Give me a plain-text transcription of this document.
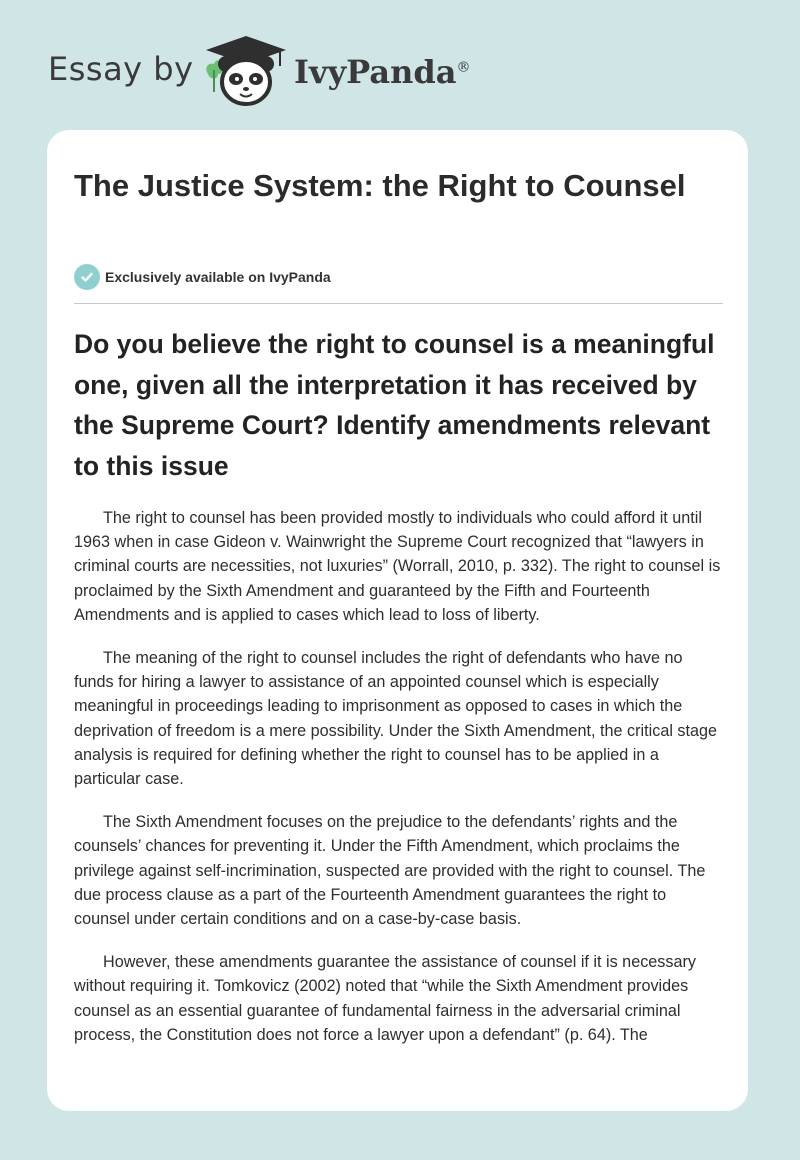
Essay by	IvyPanda®
The Justice System: the Right to Counsel
Exclusively available on IvyPanda
Do you believe the right to counsel is a meaningful one, given all the interpretation it has received by the Supreme Court? Identify amendments relevant to this issue

The right to counsel has been provided mostly to individuals who could afford it until 1963 when in case Gideon v. Wainwright the Supreme Court recognized that “lawyers in criminal courts are necessities, not luxuries” (Worrall, 2010, p. 332). The right to counsel is proclaimed by the Sixth Amendment and guaranteed by the Fifth and Fourteenth Amendments and is applied to cases which lead to loss of liberty.

The meaning of the right to counsel includes the right of defendants who have no funds for hiring a lawyer to assistance of an appointed counsel which is especially meaningful in proceedings leading to imprisonment as opposed to cases in which the deprivation of freedom is a mere possibility. Under the Sixth Amendment, the critical stage analysis is required for defining whether the right to counsel has to be applied in a particular case.

The Sixth Amendment focuses on the prejudice to the defendants’ rights and the counsels’ chances for preventing it. Under the Fifth Amendment, which proclaims the privilege against self-incrimination, suspected are provided with the right to counsel. The due process clause as a part of the Fourteenth Amendment guarantees the right to counsel under certain conditions and on a case-by-case basis.

However, these amendments guarantee the assistance of counsel if it is necessary without requiring it. Tomkovicz (2002) noted that “while the Sixth Amendment provides counsel as an essential guarantee of fundamental fairness in the adversarial criminal process, the Constitution does not force a lawyer upon a defendant” (p. 64). The
